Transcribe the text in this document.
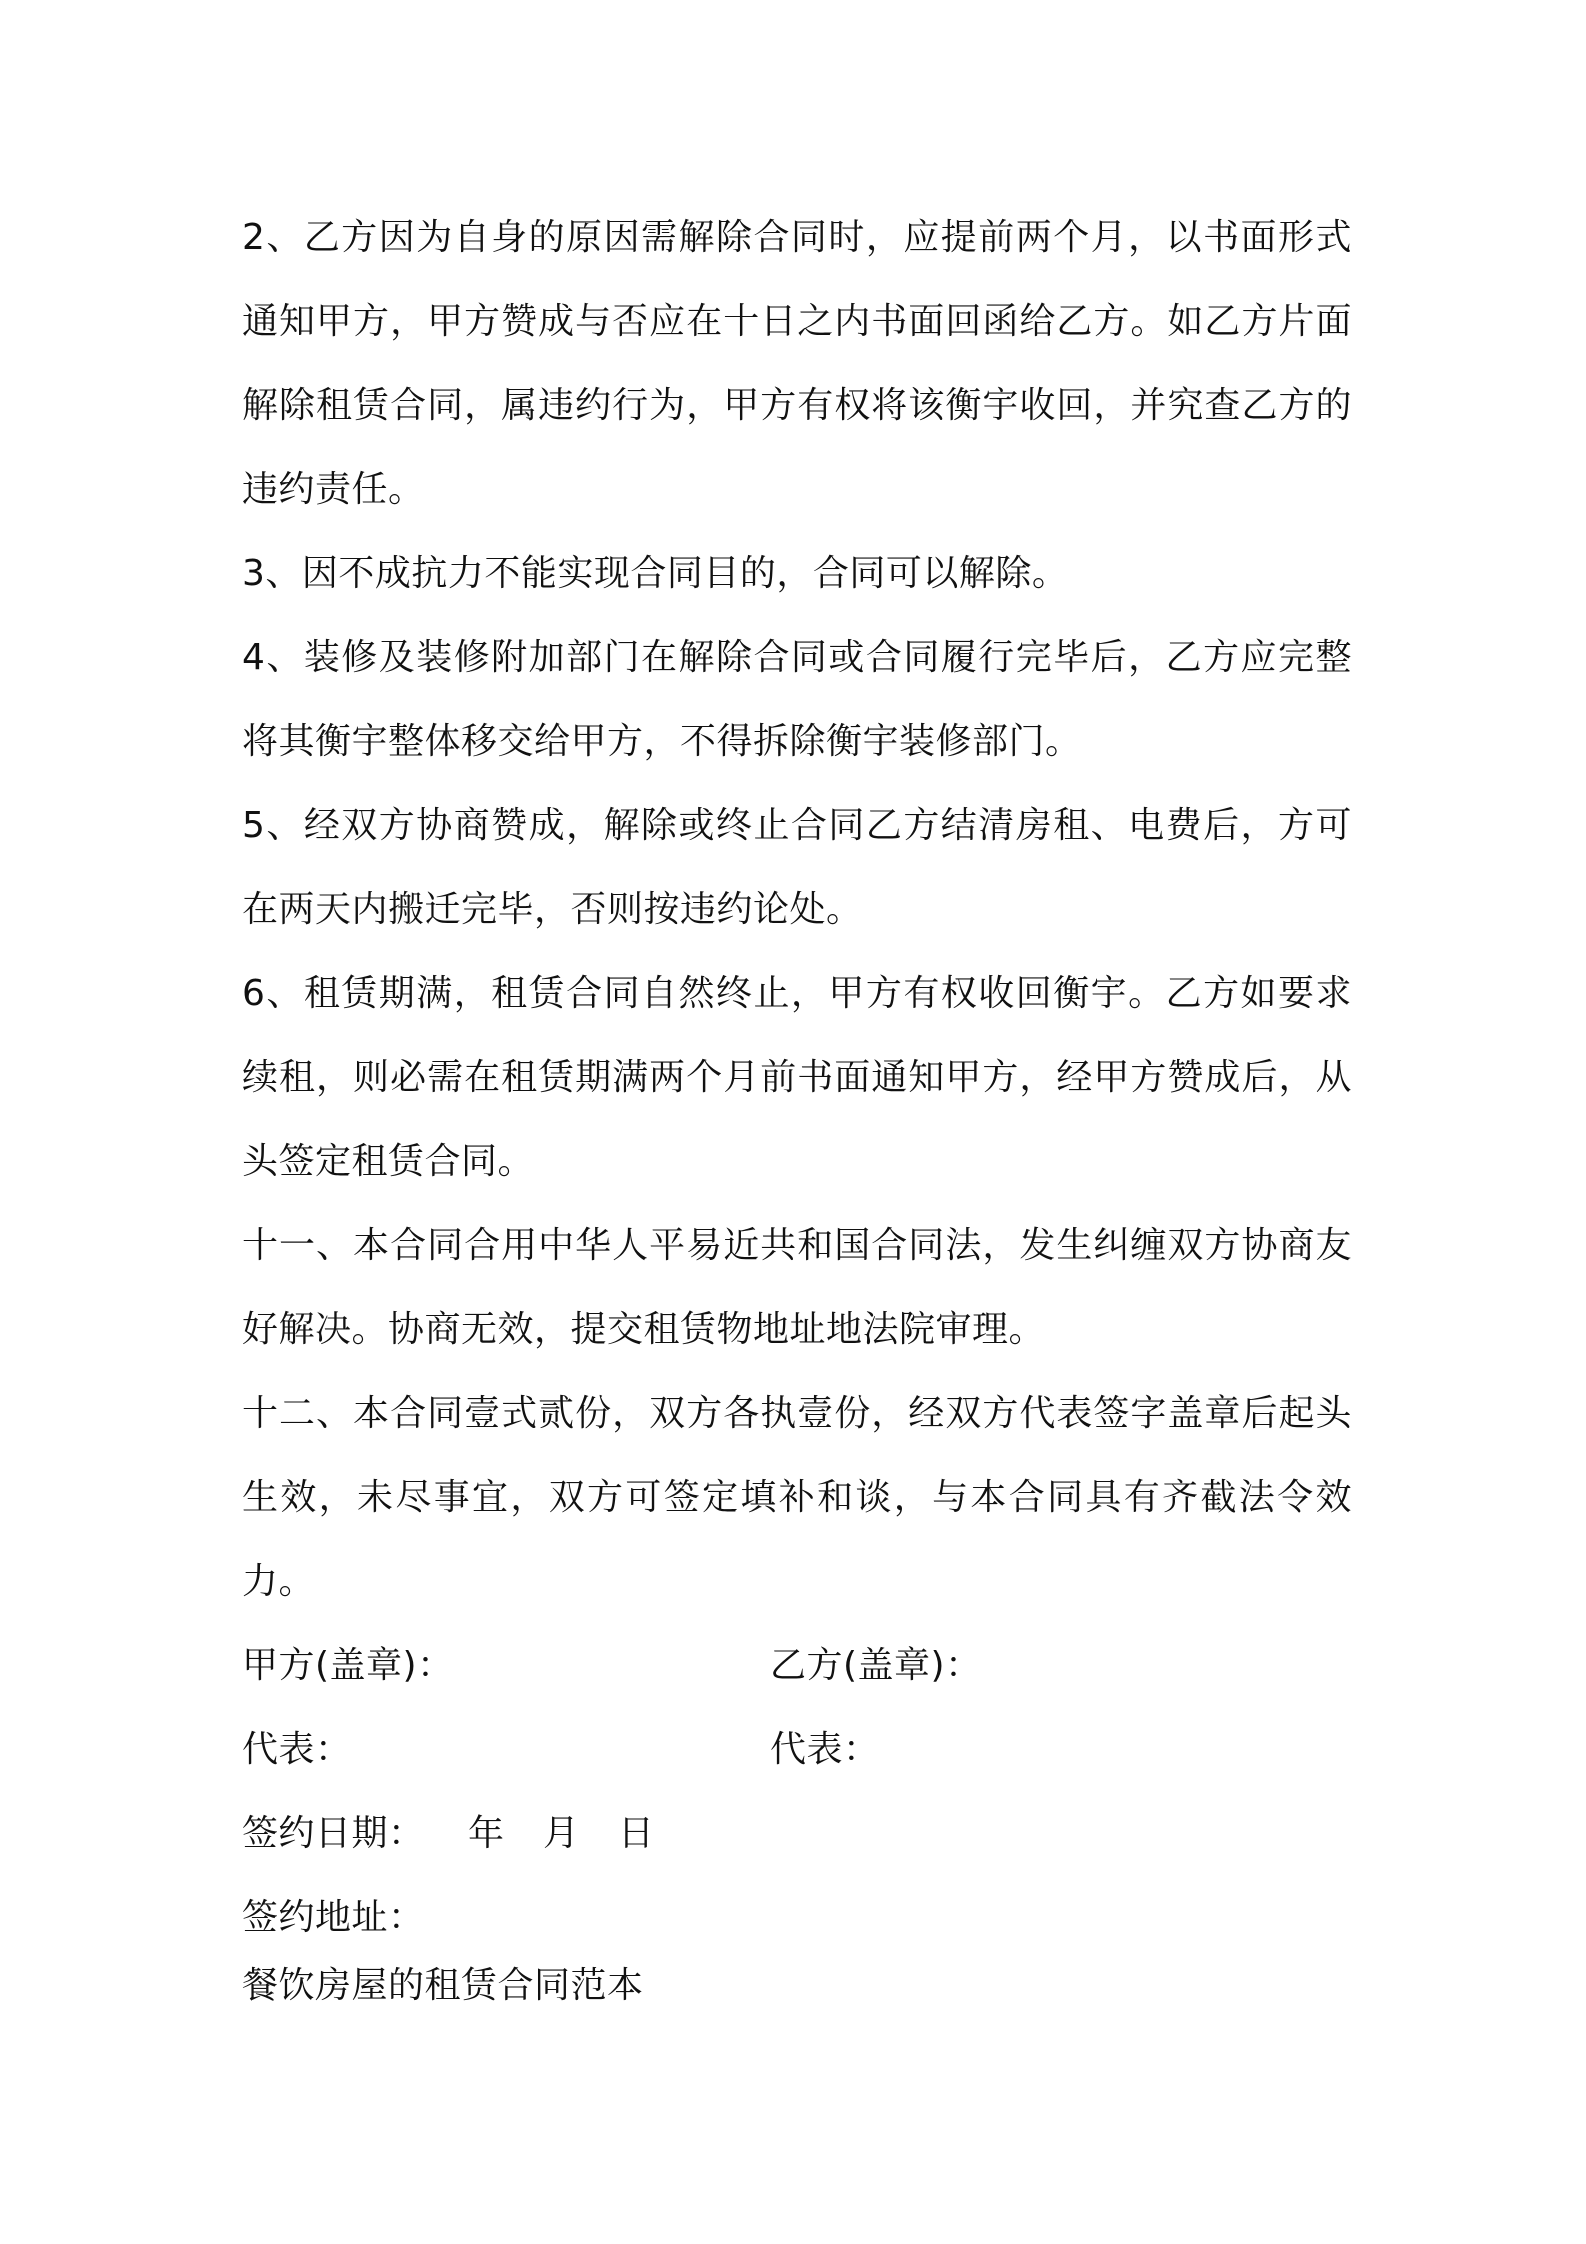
2、乙方因为自身的原因需解除合同时，应提前两个月，以书面形式通知甲方，甲方赞成与否应在十日之内书面回函给乙方。如乙方片面解除租赁合同，属违约行为，甲方有权将该衡宇收回，并究查乙方的违约责任。

3、因不成抗力不能实现合同目的，合同可以解除。

4、装修及装修附加部门在解除合同或合同履行完毕后，乙方应完整将其衡宇整体移交给甲方，不得拆除衡宇装修部门。

5、经双方协商赞成，解除或终止合同乙方结清房租、电费后，方可在两天内搬迁完毕，否则按违约论处。

6、租赁期满，租赁合同自然终止，甲方有权收回衡宇。乙方如要求续租，则必需在租赁期满两个月前书面通知甲方，经甲方赞成后，从头签定租赁合同。

十一、本合同合用中华人平易近共和国合同法，发生纠缠双方协商友好解决。协商无效，提交租赁物地址地法院审理。

十二、本合同壹式贰份，双方各执壹份，经双方代表签字盖章后起头生效，未尽事宜，双方可签定填补和谈，与本合同具有齐截法令效力。

甲方(盖章)：	乙方(盖章)：
代表：	代表：
签约日期： 年 月 日
签约地址：
餐饮房屋的租赁合同范本
